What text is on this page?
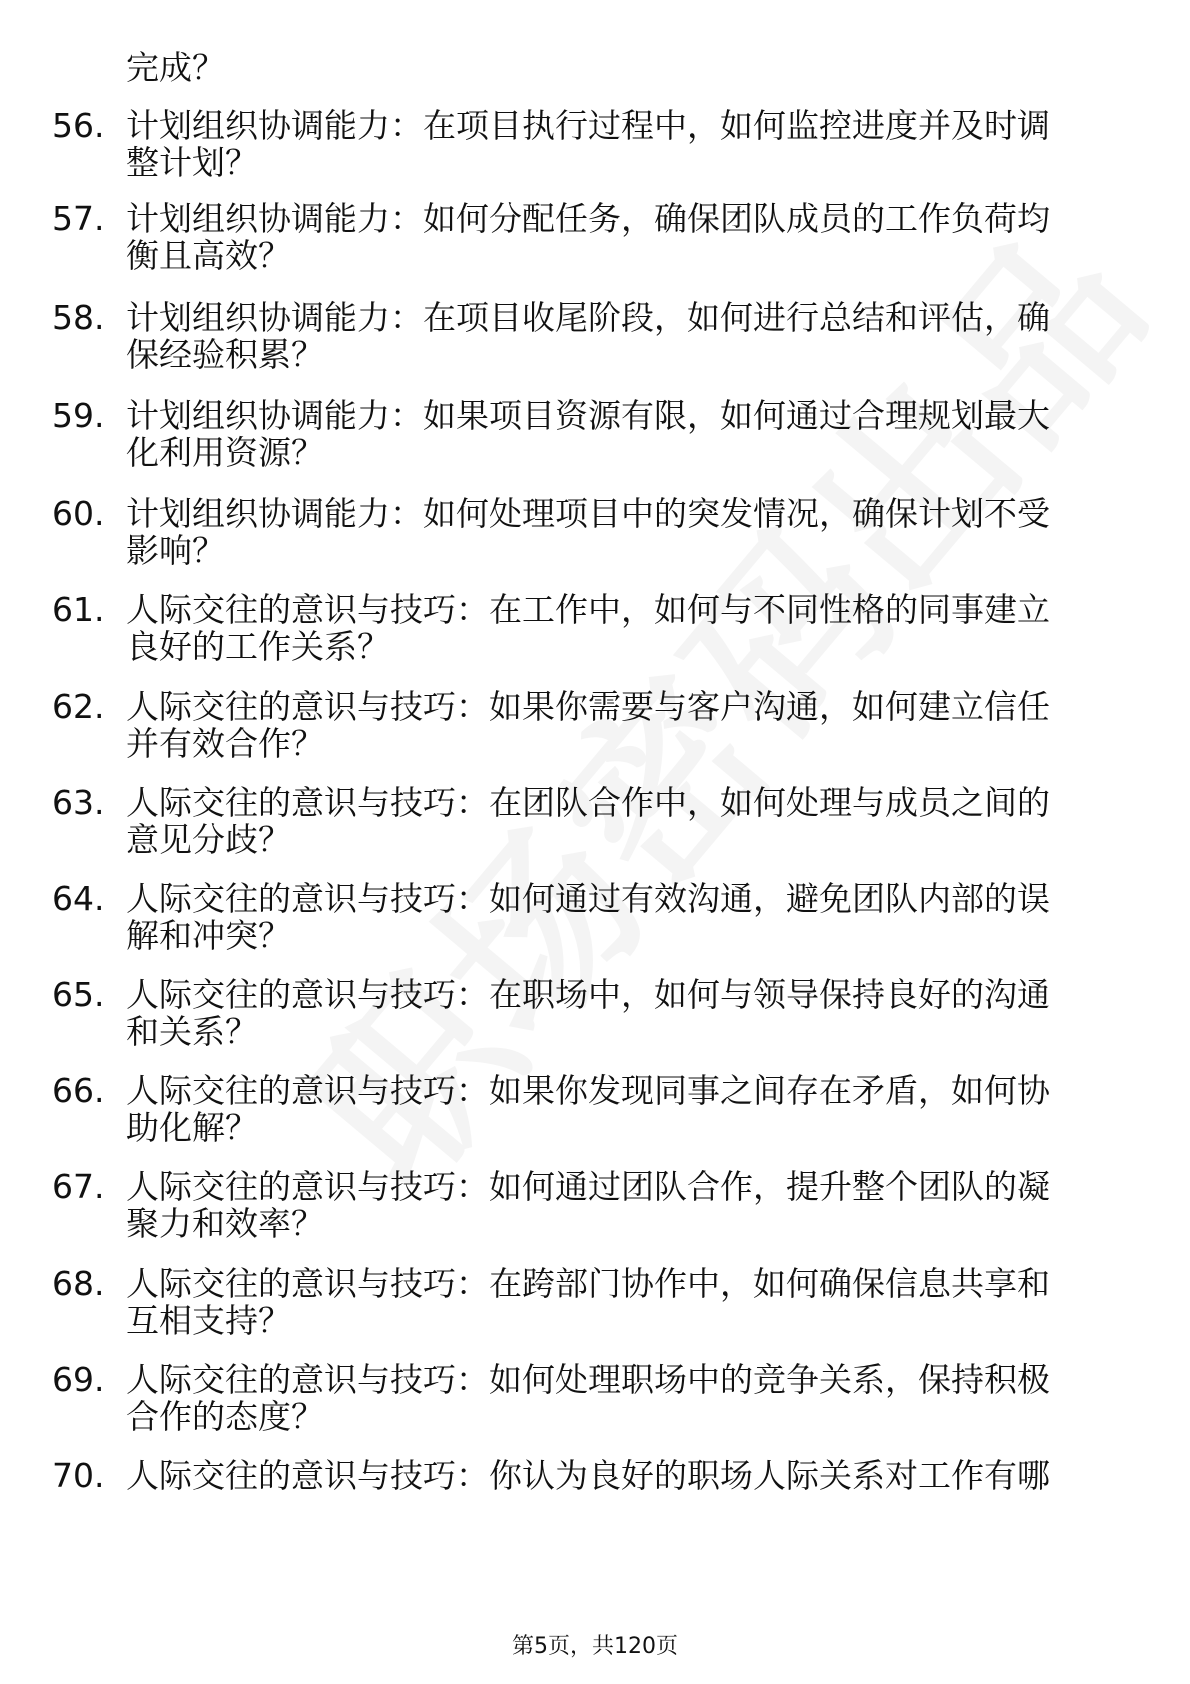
完成？
56. 计划组织协调能力：在项目执行过程中，如何监控进度并及时调
整计划？
57. 计划组织协调能力：如何分配任务，确保团队成员的工作负荷均
衡且高效？
58. 计划组织协调能力：在项目收尾阶段，如何进行总结和评估，确
保经验积累？
59. 计划组织协调能力：如果项目资源有限，如何通过合理规划最大
化利用资源？
60. 计划组织协调能力：如何处理项目中的突发情况，确保计划不受
影响？
61. 人际交往的意识与技巧：在工作中，如何与不同性格的同事建立
良好的工作关系？
62. 人际交往的意识与技巧：如果你需要与客户沟通，如何建立信任
并有效合作？
63. 人际交往的意识与技巧：在团队合作中，如何处理与成员之间的
意见分歧？
64. 人际交往的意识与技巧：如何通过有效沟通，避免团队内部的误
解和冲突？
65. 人际交往的意识与技巧：在职场中，如何与领导保持良好的沟通
和关系？
66. 人际交往的意识与技巧：如果你发现同事之间存在矛盾，如何协
助化解？
67. 人际交往的意识与技巧：如何通过团队合作，提升整个团队的凝
聚力和效率？
68. 人际交往的意识与技巧：在跨部门协作中，如何确保信息共享和
互相支持？
69. 人际交往的意识与技巧：如何处理职场中的竞争关系，保持积极
合作的态度？
70. 人际交往的意识与技巧：你认为良好的职场人际关系对工作有哪
第5页，共120页
